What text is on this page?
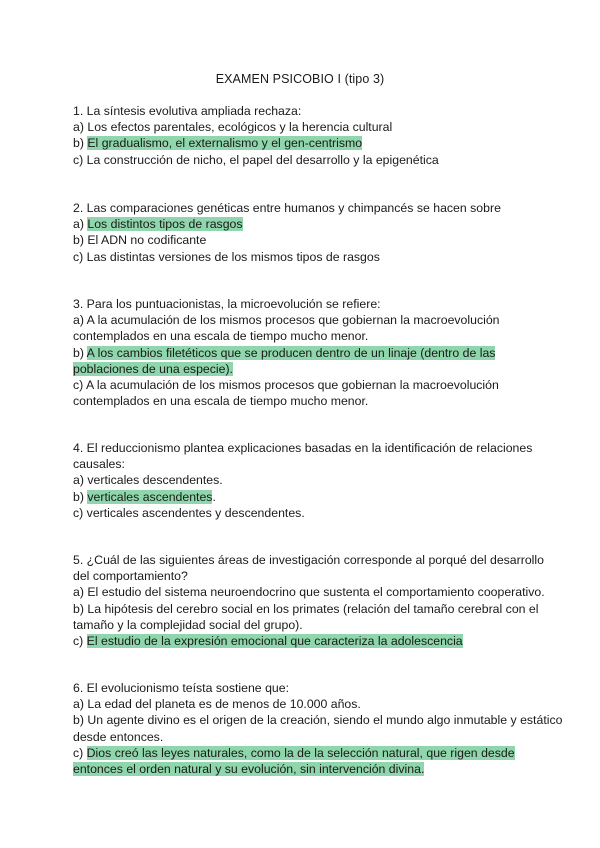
EXAMEN PSICOBIO I (tipo 3)

1. La síntesis evolutiva ampliada rechaza:

a) Los efectos parentales, ecológicos y la herencia cultural

b) El gradualismo, el externalismo y el gen-centrismo

c) La construcción de nicho, el papel del desarrollo y la epigenética

2. Las comparaciones genéticas entre humanos y chimpancés se hacen sobre

a) Los distintos tipos de rasgos

b) El ADN no codificante

c) Las distintas versiones de los mismos tipos de rasgos

3. Para los puntuacionistas, la microevolución se refiere:

a) A la acumulación de los mismos procesos que gobiernan la macroevolución contemplados en una escala de tiempo mucho menor.

b) A los cambios filetéticos que se producen dentro de un linaje (dentro de las poblaciones de una especie).

c) A la acumulación de los mismos procesos que gobiernan la macroevolución contemplados en una escala de tiempo mucho menor.

4. El reduccionismo plantea explicaciones basadas en la identificación de relaciones causales:

a) verticales descendentes.

b) verticales ascendentes.

c) verticales ascendentes y descendentes.

5. ¿Cuál de las siguientes áreas de investigación corresponde al porqué del desarrollo del comportamiento?

a) El estudio del sistema neuroendocrino que sustenta el comportamiento cooperativo.

b) La hipótesis del cerebro social en los primates (relación del tamaño cerebral con el tamaño y la complejidad social del grupo).

c) El estudio de la expresión emocional que caracteriza la adolescencia

6. El evolucionismo teísta sostiene que:

a) La edad del planeta es de menos de 10.000 años.

b) Un agente divino es el origen de la creación, siendo el mundo algo inmutable y estático desde entonces.

c) Dios creó las leyes naturales, como la de la selección natural, que rigen desde entonces el orden natural y su evolución, sin intervención divina.
